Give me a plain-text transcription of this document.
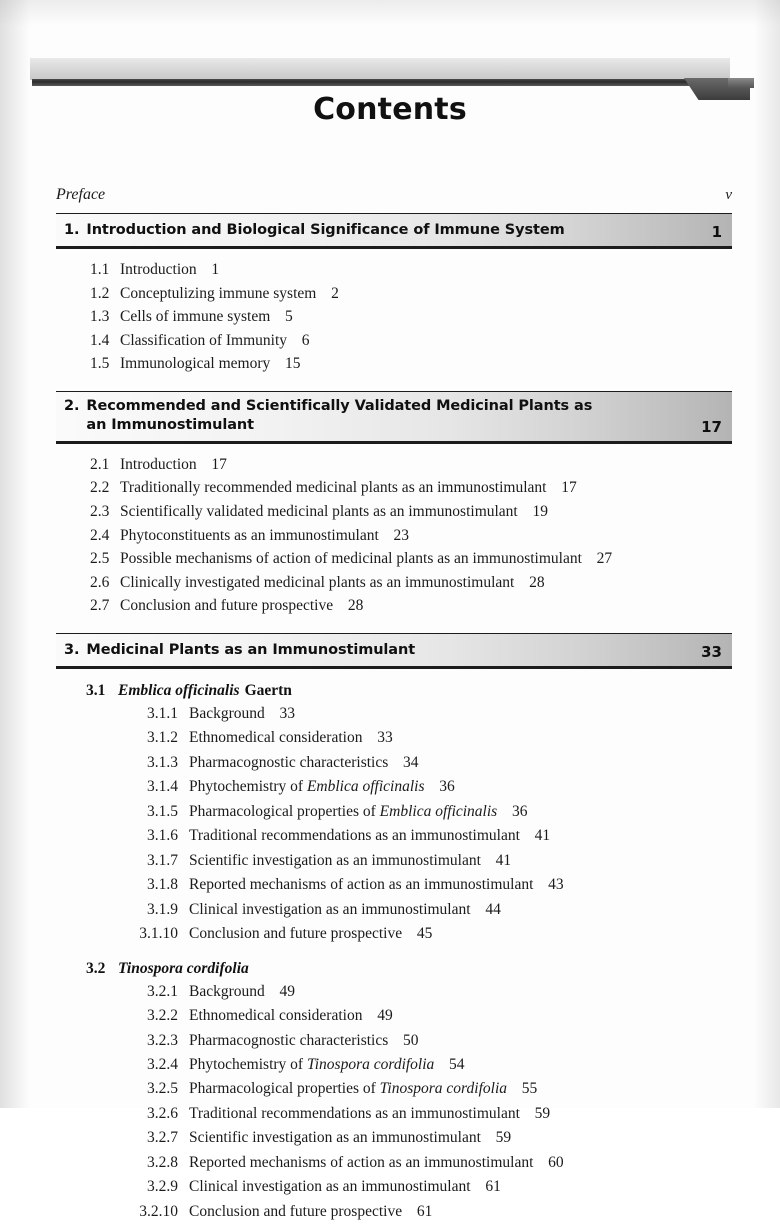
Contents
Preface	v
1. Introduction and Biological Significance of Immune System	1
1.1 Introduction  1
1.2 Conceptulizing immune system  2
1.3 Cells of immune system  5
1.4 Classification of Immunity  6
1.5 Immunological memory  15
2. Recommended and Scientifically Validated Medicinal Plants as
an Immunostimulant	17
2.1 Introduction  17
2.2 Traditionally recommended medicinal plants as an immunostimulant  17
2.3 Scientifically validated medicinal plants as an immunostimulant  19
2.4 Phytoconstituents as an immunostimulant  23
2.5 Possible mechanisms of action of medicinal plants as an immunostimulant  27
2.6 Clinically investigated medicinal plants as an immunostimulant  28
2.7 Conclusion and future prospective  28
3. Medicinal Plants as an Immunostimulant	33
3.1 Emblica officinalis Gaertn
3.1.1 Background  33
3.1.2 Ethnomedical consideration  33
3.1.3 Pharmacognostic characteristics  34
3.1.4 Phytochemistry of Emblica officinalis  36
3.1.5 Pharmacological properties of Emblica officinalis  36
3.1.6 Traditional recommendations as an immunostimulant  41
3.1.7 Scientific investigation as an immunostimulant  41
3.1.8 Reported mechanisms of action as an immunostimulant  43
3.1.9 Clinical investigation as an immunostimulant  44
3.1.10 Conclusion and future prospective  45
3.2 Tinospora cordifolia
3.2.1 Background  49
3.2.2 Ethnomedical consideration  49
3.2.3 Pharmacognostic characteristics  50
3.2.4 Phytochemistry of Tinospora cordifolia  54
3.2.5 Pharmacological properties of Tinospora cordifolia  55
3.2.6 Traditional recommendations as an immunostimulant  59
3.2.7 Scientific investigation as an immunostimulant  59
3.2.8 Reported mechanisms of action as an immunostimulant  60
3.2.9 Clinical investigation as an immunostimulant  61
3.2.10 Conclusion and future prospective  61
